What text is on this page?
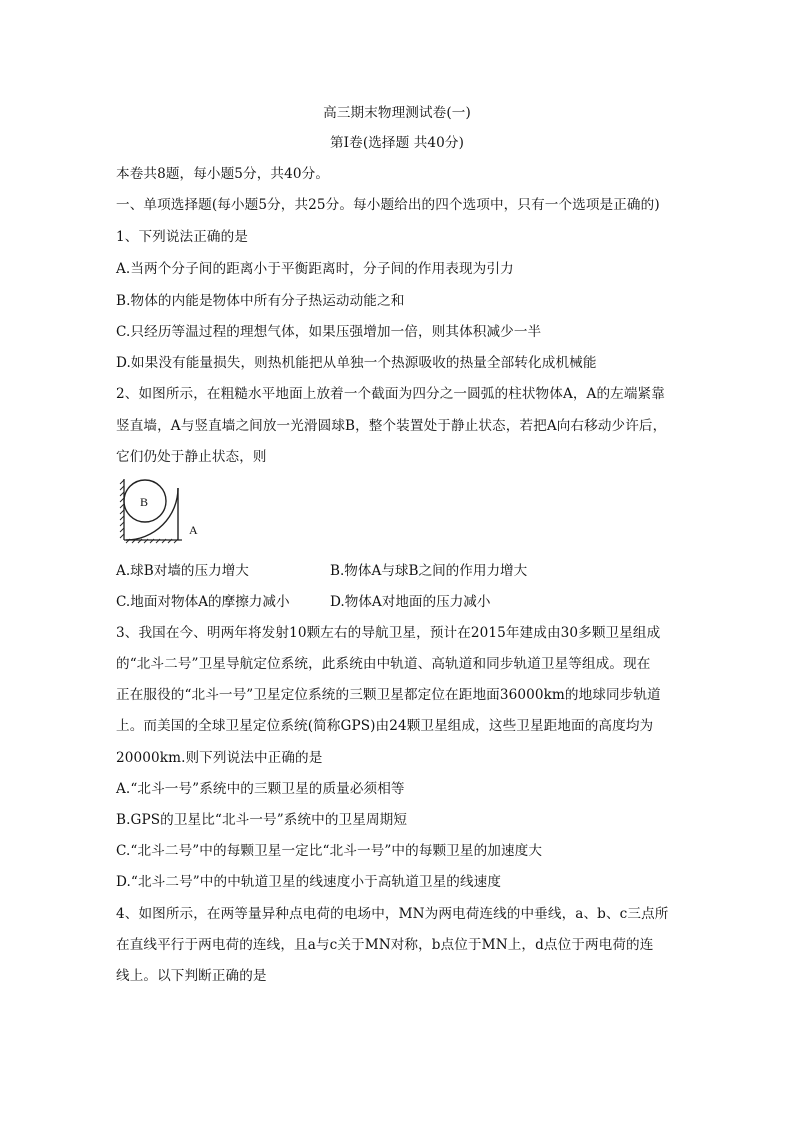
高三期末物理测试卷(一)
第Ⅰ卷(选择题 共40分)
本卷共8题，每小题5分，共40分。
一、单项选择题(每小题5分，共25分。每小题给出的四个选项中，只有一个选项是正确的)
1、下列说法正确的是
A.当两个分子间的距离小于平衡距离时，分子间的作用表现为引力
B.物体的内能是物体中所有分子热运动动能之和
C.只经历等温过程的理想气体，如果压强增加一倍，则其体积减少一半
D.如果没有能量损失，则热机能把从单独一个热源吸收的热量全部转化成机械能
2、如图所示，在粗糙水平地面上放着一个截面为四分之一圆弧的柱状物体A，A的左端紧靠
竖直墙，A与竖直墙之间放一光滑圆球B，整个装置处于静止状态，若把A向右移动少许后，
它们仍处于静止状态，则
B
A
A.球B对墙的压力增大	B.物体A与球B之间的作用力增大
C.地面对物体A的摩擦力减小	D.物体A对地面的压力减小
3、我国在今、明两年将发射10颗左右的导航卫星，预计在2015年建成由30多颗卫星组成
的“北斗二号”卫星导航定位系统，此系统由中轨道、高轨道和同步轨道卫星等组成。现在
正在服役的“北斗一号”卫星定位系统的三颗卫星都定位在距地面36000km的地球同步轨道
上。而美国的全球卫星定位系统(简称GPS)由24颗卫星组成，这些卫星距地面的高度均为
20000km.则下列说法中正确的是
A.“北斗一号”系统中的三颗卫星的质量必须相等
B.GPS的卫星比“北斗一号”系统中的卫星周期短
C.“北斗二号”中的每颗卫星一定比“北斗一号”中的每颗卫星的加速度大
D.“北斗二号”中的中轨道卫星的线速度小于高轨道卫星的线速度
4、如图所示，在两等量异种点电荷的电场中，MN为两电荷连线的中垂线，a、b、c三点所
在直线平行于两电荷的连线，且a与c关于MN对称，b点位于MN上，d点位于两电荷的连
线上。以下判断正确的是
